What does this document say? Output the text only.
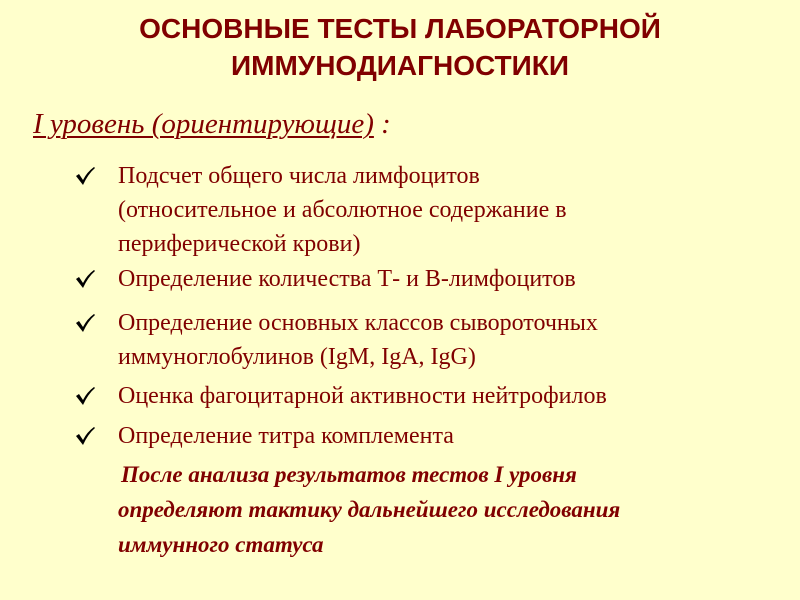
ОСНОВНЫЕ ТЕСТЫ ЛАБОРАТОРНОЙ
ИММУНОДИАГНОСТИКИ
I уровень (ориентирующие) :
Подсчет общего числа лимфоцитов
(относительное и абсолютное содержание в
периферической крови)
Определение количества Т- и В-лимфоцитов
Определение основных классов сывороточных
иммуноглобулинов (IgM, IgA, IgG)
Оценка фагоцитарной активности нейтрофилов
Определение титра комплемента
После анализа результатов тестов I уровня
определяют тактику дальнейшего исследования
иммунного статуса
